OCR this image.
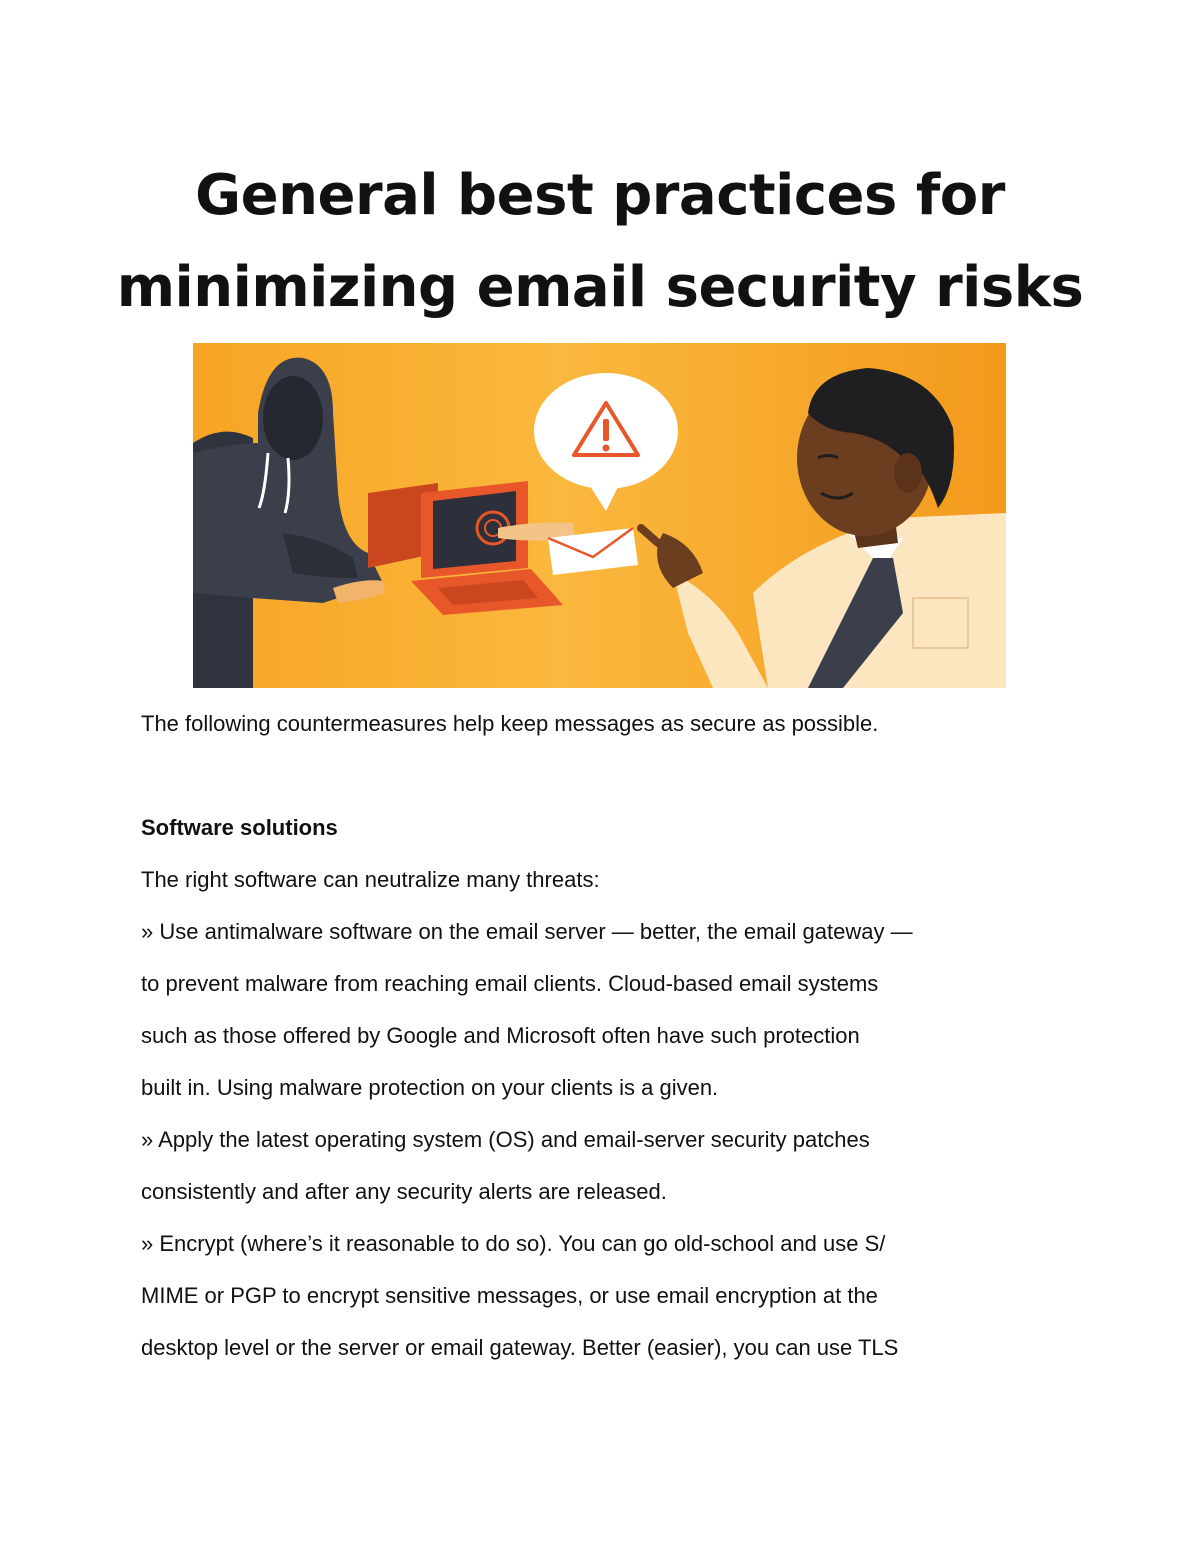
General best practices for
minimizing email security risks

The following countermeasures help keep messages as secure as possible.

Software solutions

The right software can neutralize many threats:

» Use antimalware software on the email server — better, the email gateway —

to prevent malware from reaching email clients. Cloud-based email systems

such as those offered by Google and Microsoft often have such protection

built in. Using malware protection on your clients is a given.

» Apply the latest operating system (OS) and email-server security patches

consistently and after any security alerts are released.

» Encrypt (where’s it reasonable to do so). You can go old-school and use S/

MIME or PGP to encrypt sensitive messages, or use email encryption at the

desktop level or the server or email gateway. Better (easier), you can use TLS
